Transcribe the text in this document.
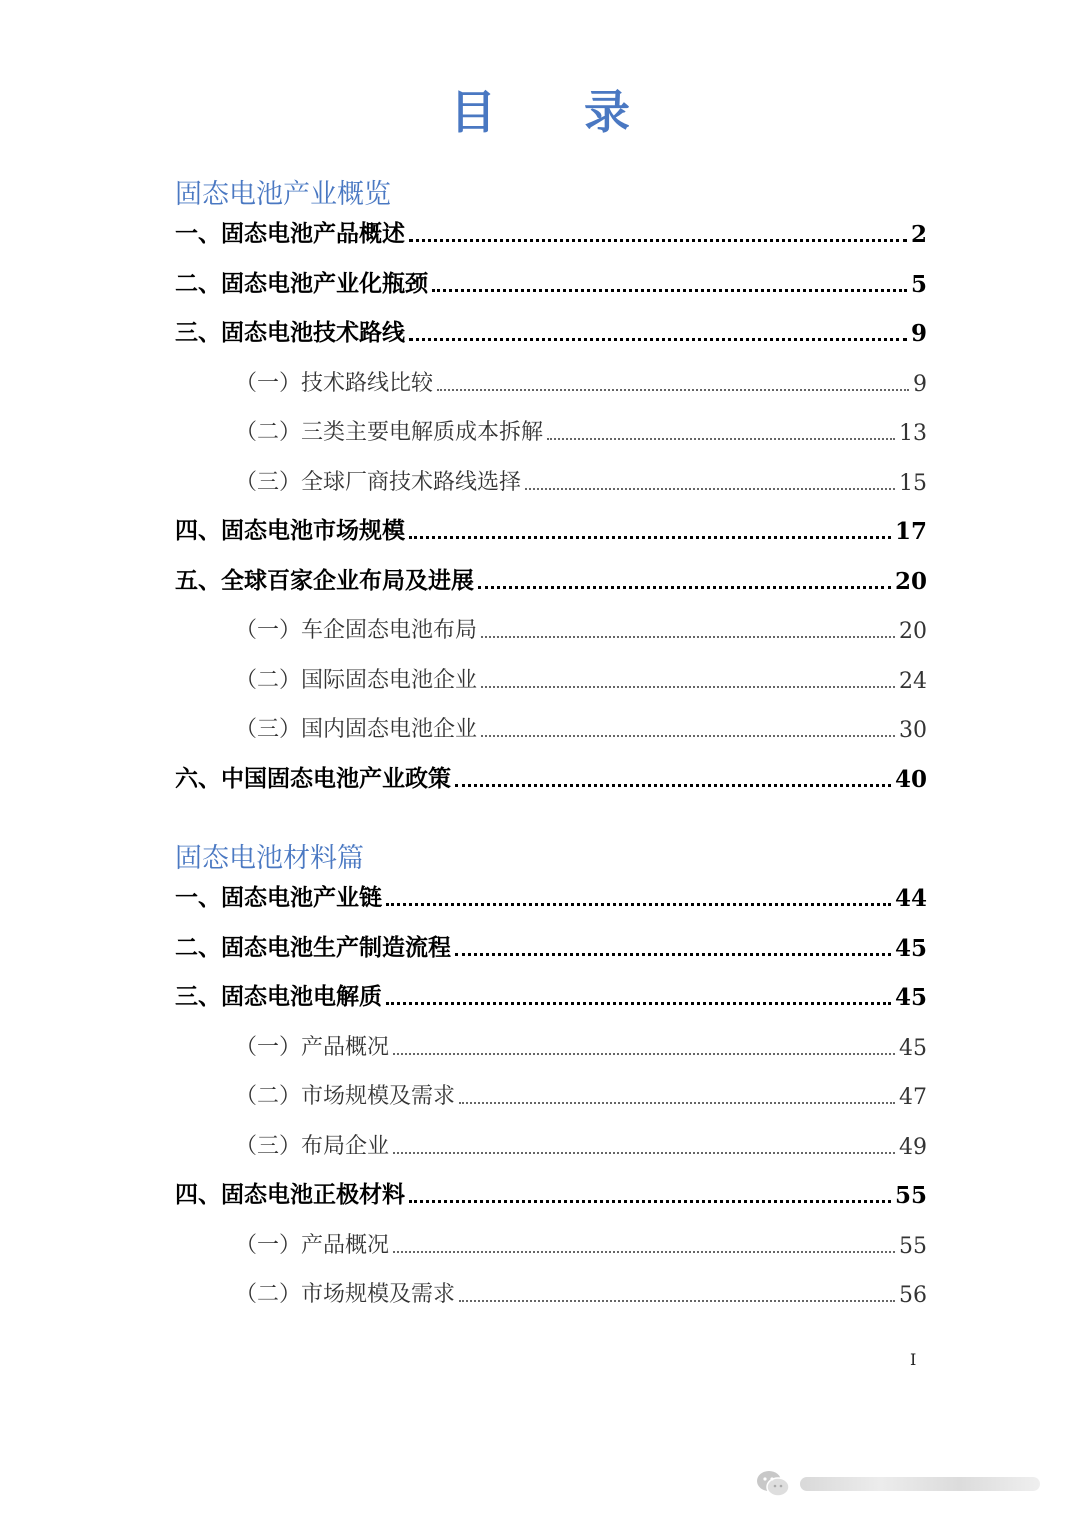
目 录
固态电池产业概览
一、固态电池产品概述	2
二、固态电池产业化瓶颈	5
三、固态电池技术路线	9
（一）技术路线比较	9
（二）三类主要电解质成本拆解	13
（三）全球厂商技术路线选择	15
四、固态电池市场规模	17
五、全球百家企业布局及进展	20
（一）车企固态电池布局	20
（二）国际固态电池企业	24
（三）国内固态电池企业	30
六、中国固态电池产业政策	40
固态电池材料篇
一、固态电池产业链	44
二、固态电池生产制造流程	45
三、固态电池电解质	45
（一）产品概况	45
（二）市场规模及需求	47
（三）布局企业	49
四、固态电池正极材料	55
（一）产品概况	55
（二）市场规模及需求	56
I
